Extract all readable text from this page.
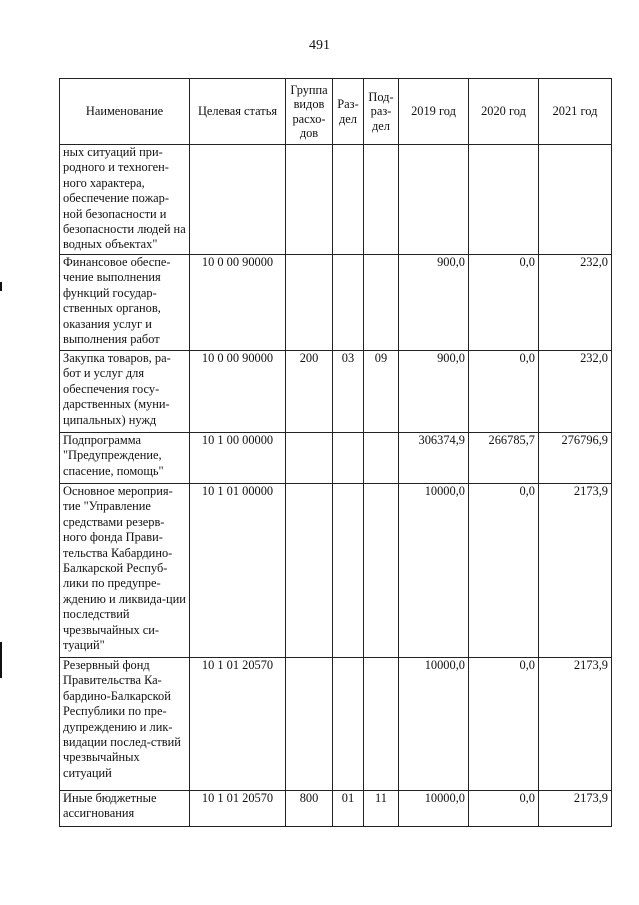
491
Наименование	Целевая статья	Группа видов расхо-дов	Раз-дел	Под-раз-дел	2019 год	2020 год	2021 год
ных ситуаций при-родного и техноген-ного характера, обеспечение пожар-ной безопасности и безопасности людей на водных объектах"							
Финансовое обеспе-чение выполнения функций государ-ственных органов, оказания услуг и выполнения работ	10 0 00 90000				900,0	0,0	232,0
Закупка товаров, ра-бот и услуг для обеспечения госу-дарственных (муни-ципальных) нужд	10 0 00 90000	200	03	09	900,0	0,0	232,0
Подпрограмма "Предупреждение, спасение, помощь"	10 1 00 00000				306374,9	266785,7	276796,9
Основное мероприя-тие "Управление средствами резерв-ного фонда Прави-тельства Кабардино-Балкарской Респуб-лики по предупре-ждению и ликвида-ции последствий чрезвычайных си-туаций"	10 1 01 00000				10000,0	0,0	2173,9
Резервный фонд Правительства Ка-бардино-Балкарской Республики по пре-дупреждению и лик-видации послед-ствий чрезвычайных ситуаций	10 1 01 20570				10000,0	0,0	2173,9
Иные бюджетные ассигнования	10 1 01 20570	800	01	11	10000,0	0,0	2173,9
